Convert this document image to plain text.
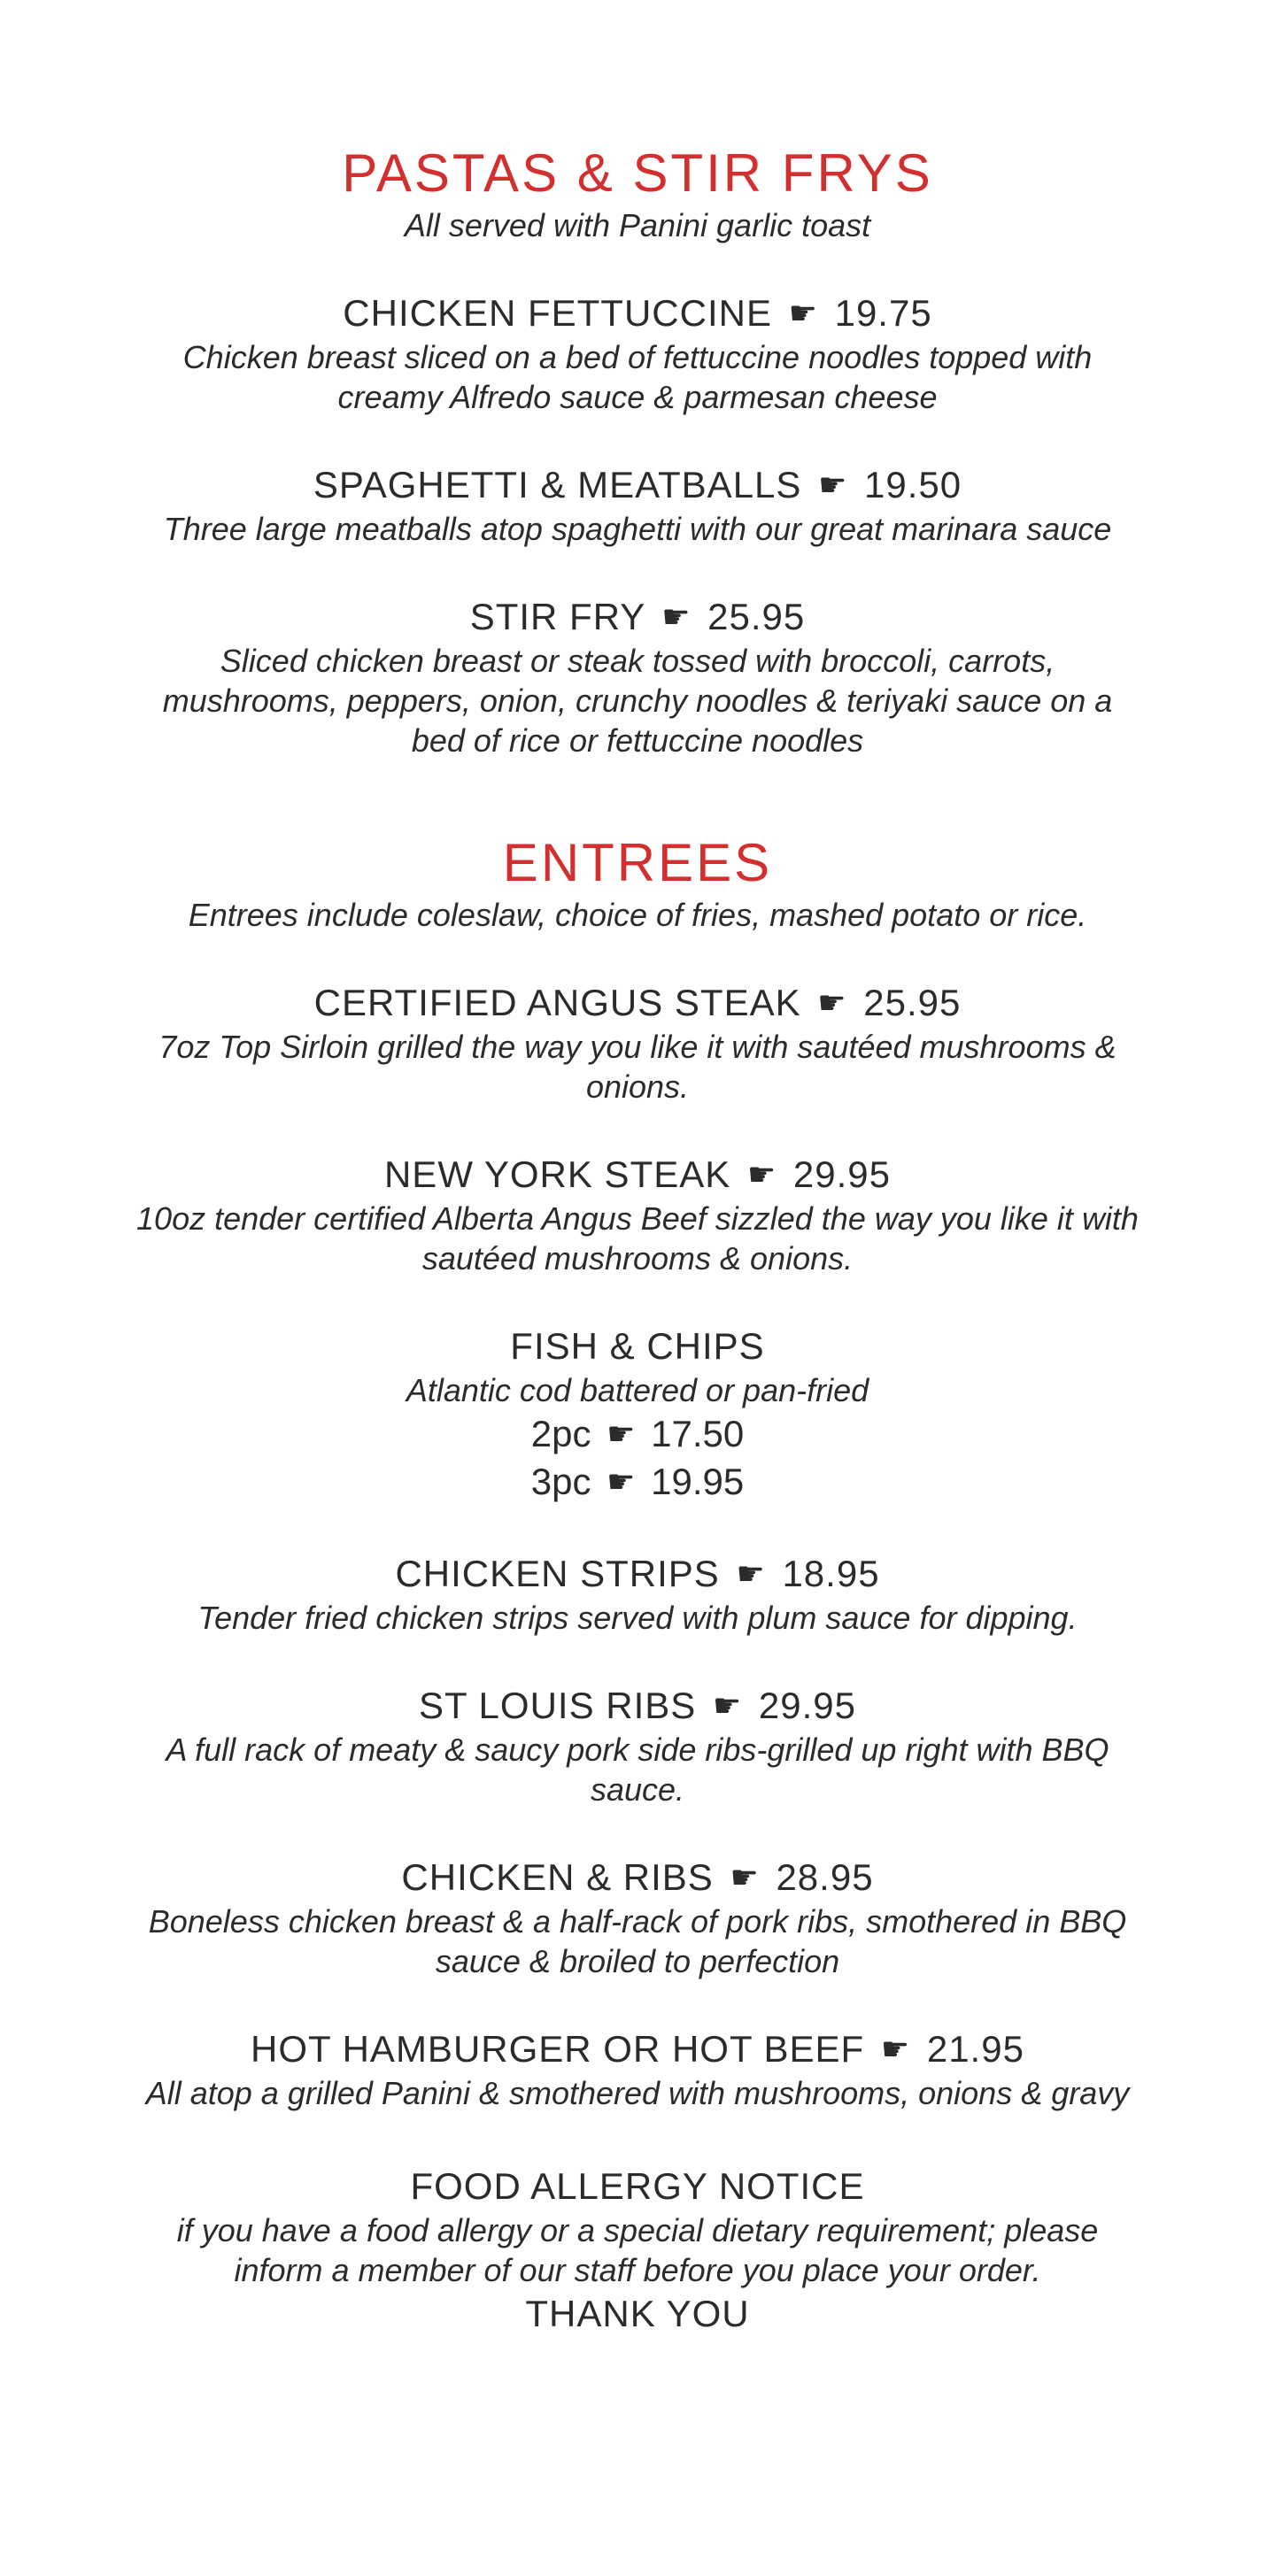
PASTAS & STIR FRYS

All served with Panini garlic toast

CHICKEN FETTUCCINE ☛ 19.75
Chicken breast sliced on a bed of fettuccine noodles topped with creamy Alfredo sauce & parmesan cheese
SPAGHETTI & MEATBALLS ☛ 19.50
Three large meatballs atop spaghetti with our great marinara sauce
STIR FRY ☛ 25.95
Sliced chicken breast or steak tossed with broccoli, carrots, mushrooms, peppers, onion, crunchy noodles & teriyaki sauce on a bed of rice or fettuccine noodles
ENTREES

Entrees include coleslaw, choice of fries, mashed potato or rice.

CERTIFIED ANGUS STEAK ☛ 25.95
7oz Top Sirloin grilled the way you like it with sautéed mushrooms & onions.
NEW YORK STEAK ☛ 29.95
10oz tender certified Alberta Angus Beef sizzled the way you like it with sautéed mushrooms & onions.
FISH & CHIPS
Atlantic cod battered or pan-fried
2pc ☛ 17.50
3pc ☛ 19.95
CHICKEN STRIPS ☛ 18.95
Tender fried chicken strips served with plum sauce for dipping.
ST LOUIS RIBS ☛ 29.95
A full rack of meaty & saucy pork side ribs-grilled up right with BBQ sauce.
CHICKEN & RIBS ☛ 28.95
Boneless chicken breast & a half-rack of pork ribs, smothered in BBQ sauce & broiled to perfection
HOT HAMBURGER OR HOT BEEF ☛ 21.95
All atop a grilled Panini & smothered with mushrooms, onions & gravy
FOOD ALLERGY NOTICE
if you have a food allergy or a special dietary requirement; please inform a member of our staff before you place your order.
THANK YOU
